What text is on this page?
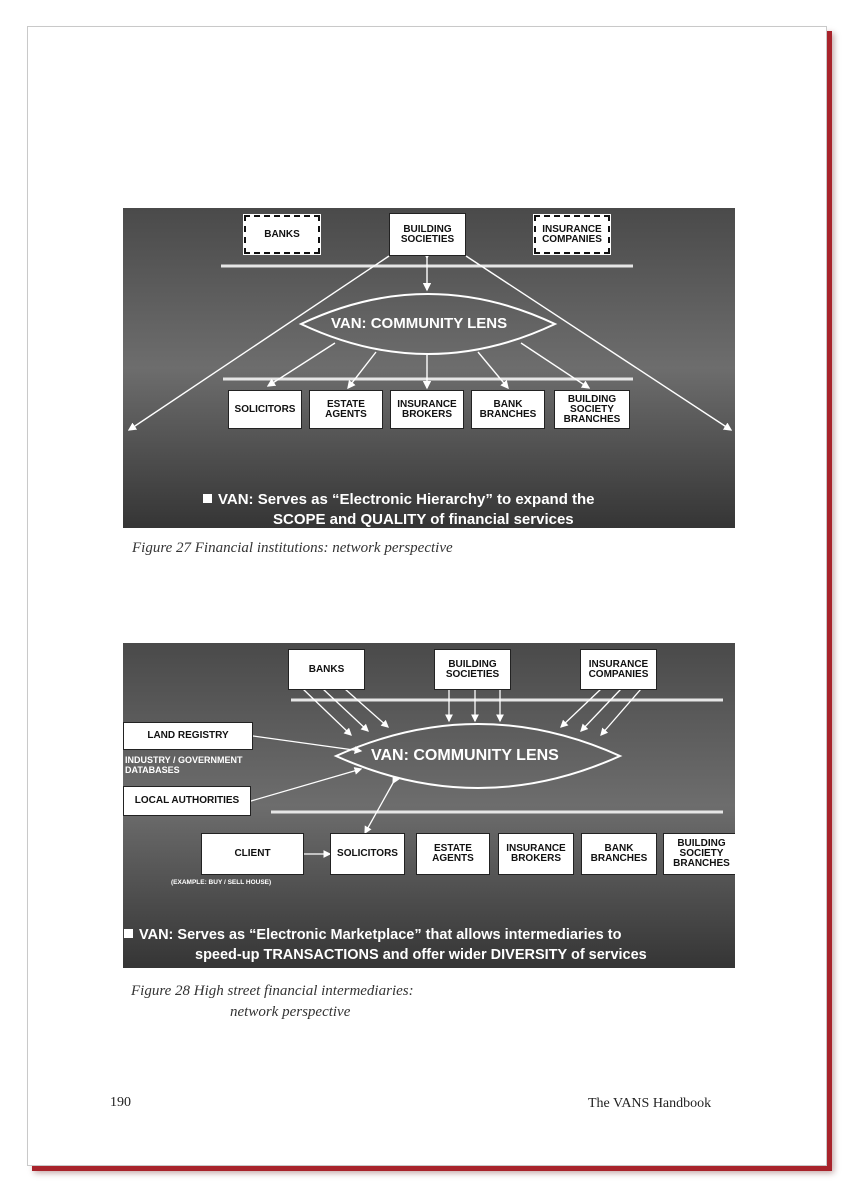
BANKS	BUILDING
SOCIETIES
INSURANCE
COMPANIES
VAN: COMMUNITY LENS
SOLICITORS	ESTATE
AGENTS
INSURANCE
BROKERS
BANK
BRANCHES
BUILDING
SOCIETY
BRANCHES
VAN: Serves as “Electronic Hierarchy” to expand the
SCOPE and QUALITY of financial services
Figure 27 Financial institutions: network perspective
BANKS	BUILDING
SOCIETIES
INSURANCE
COMPANIES
LAND REGISTRY
INDUSTRY / GOVERNMENT
DATABASES
LOCAL AUTHORITIES
VAN: COMMUNITY LENS
CLIENT
(EXAMPLE: BUY / SELL HOUSE)
SOLICITORS	ESTATE
AGENTS
INSURANCE
BROKERS
BANK
BRANCHES
BUILDING
SOCIETY
BRANCHES
VAN: Serves as “Electronic Marketplace” that allows intermediaries to
speed-up TRANSACTIONS and offer wider DIVERSITY of services
Figure 28 High street financial intermediaries:
network perspective
190	The VANS Handbook
